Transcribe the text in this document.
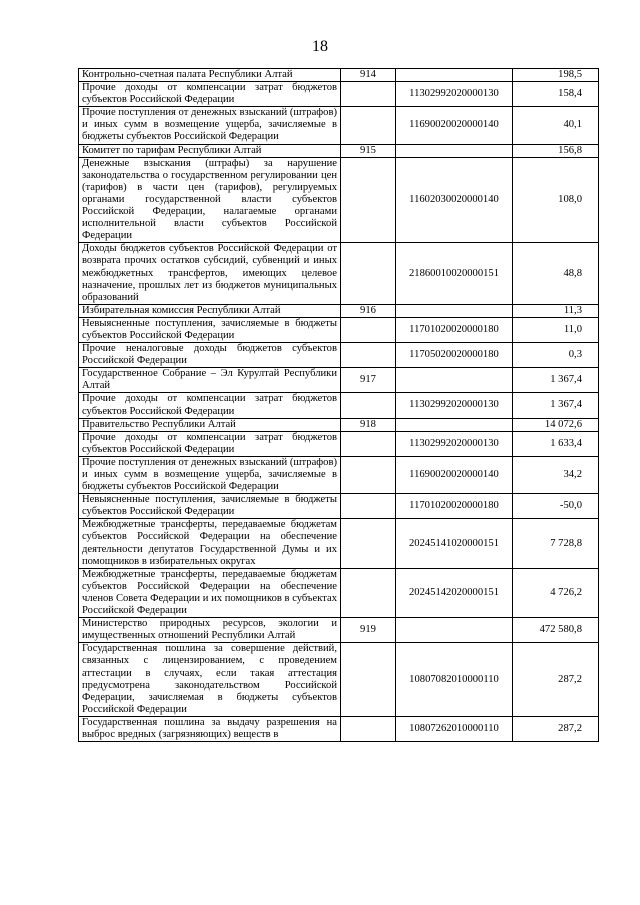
18
Контрольно-счетная палата Республики Алтай	914		198,5
Прочие доходы от компенсации затрат бюджетов субъектов Российской Федерации		11302992020000130	158,4
Прочие поступления от денежных взысканий (штрафов) и иных сумм в возмещение ущерба, зачисляемые в бюджеты субъектов Российской Федерации		11690020020000140	40,1
Комитет по тарифам Республики Алтай	915		156,8
Денежные взыскания (штрафы) за нарушение законодательства о государственном регулировании цен (тарифов) в части цен (тарифов), регулируемых органами государственной власти субъектов Российской Федерации, налагаемые органами исполнительной власти субъектов Российской Федерации		11602030020000140	108,0
Доходы бюджетов субъектов Российской Федерации от возврата прочих остатков субсидий, субвенций и иных межбюджетных трансфертов, имеющих целевое назначение, прошлых лет из бюджетов муниципальных образований		21860010020000151	48,8
Избирательная комиссия Республики Алтай	916		11,3
Невыясненные поступления, зачисляемые в бюджеты субъектов Российской Федерации		11701020020000180	11,0
Прочие неналоговые доходы бюджетов субъектов Российской Федерации		11705020020000180	0,3
Государственное Собрание – Эл Курултай Республики Алтай	917		1 367,4
Прочие доходы от компенсации затрат бюджетов субъектов Российской Федерации		11302992020000130	1 367,4
Правительство Республики Алтай	918		14 072,6
Прочие доходы от компенсации затрат бюджетов субъектов Российской Федерации		11302992020000130	1 633,4
Прочие поступления от денежных взысканий (штрафов) и иных сумм в возмещение ущерба, зачисляемые в бюджеты субъектов Российской Федерации		11690020020000140	34,2
Невыясненные поступления, зачисляемые в бюджеты субъектов Российской Федерации		11701020020000180	-50,0
Межбюджетные трансферты, передаваемые бюджетам субъектов Российской Федерации на обеспечение деятельности депутатов Государственной Думы и их помощников в избирательных округах		20245141020000151	7 728,8
Межбюджетные трансферты, передаваемые бюджетам субъектов Российской Федерации на обеспечение членов Совета Федерации и их помощников в субъектах Российской Федерации		20245142020000151	4 726,2
Министерство природных ресурсов, экологии и имущественных отношений Республики Алтай	919		472 580,8
Государственная пошлина за совершение действий, связанных с лицензированием, с проведением аттестации в случаях, если такая аттестация предусмотрена законодательством Российской Федерации, зачисляемая в бюджеты субъектов Российской Федерации		10807082010000110	287,2
Государственная пошлина за выдачу разрешения на выброс вредных (загрязняющих) веществ в		10807262010000110	287,2
